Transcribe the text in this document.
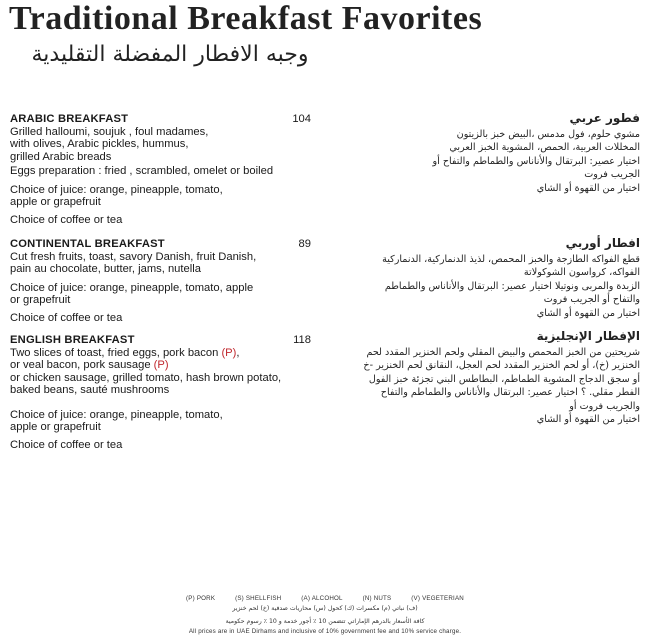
Traditional Breakfast Favorites
وجبه الافطار المفضلة التقليدية
ARABIC BREAKFAST	104
Grilled halloumi, soujuk , foul madames,
with olives, Arabic pickles, hummus,
grilled Arabic breads
Eggs preparation : fried , scrambled, omelet or boiled
Choice of juice: orange, pineapple, tomato,
apple or grapefruit
Choice of coffee or tea
فطور عربي
مشوي حلوم، فول مدمس ،البيض خبز بالزيتون
المخللات العربية، الحمص، المشوية الخبز العربي
اختيار عصير: البرتقال والأناناس والطماطم والتفاح أو
الجريب فروت
اختيار من القهوة أو الشاي
CONTINENTAL BREAKFAST	89
Cut fresh fruits, toast, savory Danish, fruit Danish,
pain au chocolate, butter, jams, nutella
Choice of juice: orange, pineapple, tomato, apple
or grapefruit
Choice of coffee or tea
افطار أوربي
قطع الفواكه الطازجة والخبز المحمص، لذيذ الدنماركية، الدنماركية
الفواكه، كرواسون الشوكولاتة
الزبدة والمربى ونوتيلا اختيار عصير: البرتقال والأناناس والطماطم
والتفاح أو الجريب فروت
اختيار من القهوة أو الشاي
ENGLISH BREAKFAST	118
Two slices of toast, fried eggs, pork bacon (P),
or veal bacon, pork sausage (P)
or chicken sausage, grilled tomato, hash brown potato,
baked beans, sauté mushrooms
Choice of juice: orange, pineapple, tomato,
apple or grapefruit
Choice of coffee or tea
الإفطار الإنجليزية
شريحتين من الخبز المحمص والبيض المقلي ولحم الخنزير المقدد لحم
الخنزير (خ)، أو لحم الخنزير المقدد لحم العجل، النقانق لحم الخنزير -خ
أو سجق الدجاج المشوية الطماطم، البطاطس البني تجزئة خبز الفول
الفطر مقلي. ؟ اختيار عصير: البرتقال والأناناس والطماطم والتفاح
والجريب فروت أو
اختيار من القهوة أو الشاي
(P) PORK	(S) SHELLFISH	(A) ALCOHOL	(N) NUTS	(V) VEGETERIAN
(ف) نباتي (م) مكسرات (ك) كحول (س) محاريات صدفية (خ) لحم خنزير
كافة الأسعار بالدرهم الإماراتي تتضمن 10 ٪ أجور خدمة و 10 ٪ رسوم حكومية
All prices are in UAE Dirhams and inclusive of 10% government fee and 10% service charge.
